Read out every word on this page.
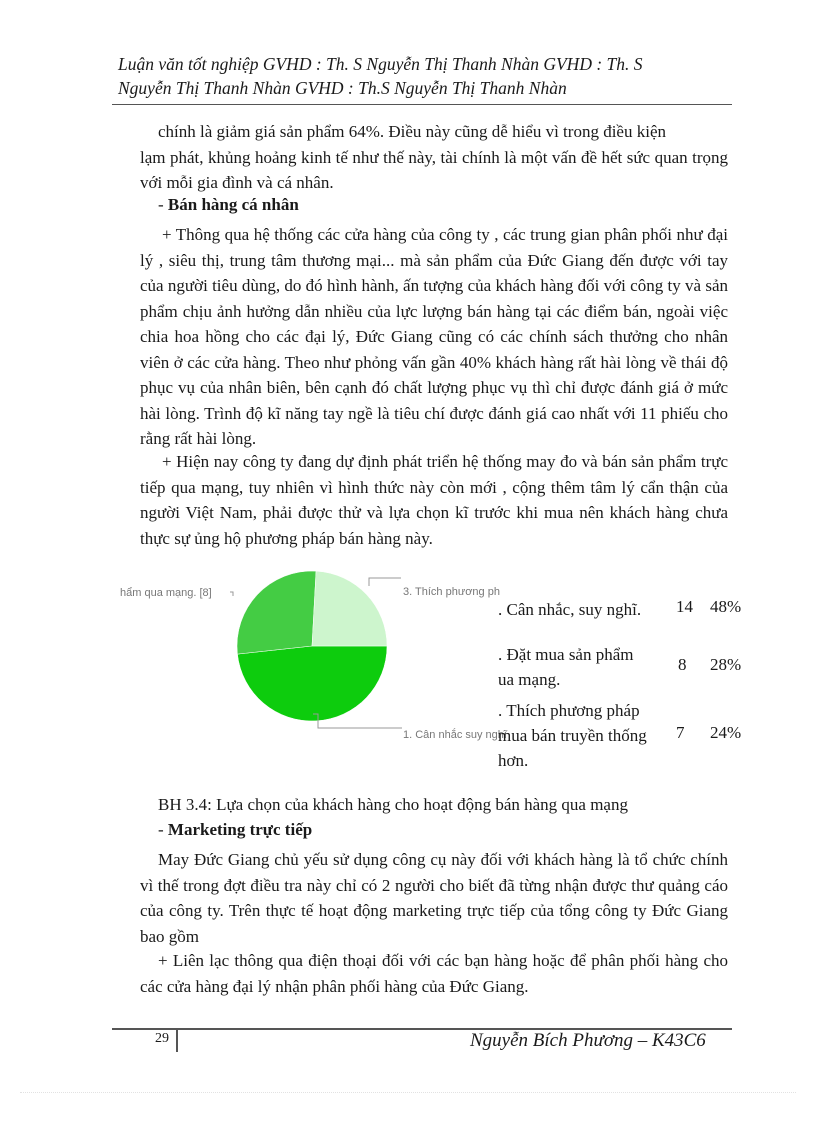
Luận văn tốt nghiệp GVHD : Th. S Nguyễn Thị Thanh Nhàn GVHD : Th. S
Nguyễn Thị Thanh Nhàn GVHD : Th.S Nguyễn Thị Thanh Nhàn
chính là giảm giá sản phẩm 64%. Điều này cũng dễ hiểu vì trong điều kiện
lạm phát, khủng hoảng kinh tế như thế này, tài chính là một vấn đề hết sức quan trọng với mỗi gia đình và cá nhân.
- Bán hàng cá nhân
+ Thông qua hệ thống các cửa hàng của công ty , các trung gian phân phối như đại lý , siêu thị, trung tâm thương mại... mà sản phẩm của Đức Giang đến được với tay của người tiêu dùng, do đó hình hành, ấn tượng của khách hàng đối với công ty và sản phẩm chịu ảnh hưởng dẫn nhiều của lực lượng bán hàng tại các điểm bán, ngoài việc chia hoa hồng cho các đại lý, Đức Giang cũng có các chính sách thưởng cho nhân viên ở các cửa hàng. Theo như phỏng vấn gần 40% khách hàng rất hài lòng về thái độ phục vụ của nhân biên, bên cạnh đó chất lượng phục vụ thì chỉ được đánh giá ở mức hài lòng. Trình độ kĩ năng tay ngề là tiêu chí được đánh giá cao nhất với 11 phiếu cho rằng rất hài lòng.
+ Hiện nay công ty đang dự định phát triển hệ thống may đo và bán sản phẩm trực tiếp qua mạng, tuy nhiên vì hình thức này còn mới , cộng thêm tâm lý cẩn thận của người Việt Nam, phải được thử và lựa chọn kĩ trước khi mua nên khách hàng chưa thực sự ủng hộ phương pháp bán hàng này.
hẩm qua mạng. [8]	3. Thích phương ph
1. Cân nhắc suy nghĩ
. Cân nhắc, suy nghĩ. 14 48%
. Đặt mua sản phẩm
ua mạng.
8 28%
. Thích phương pháp
mua bán truyền thống
hơn.
7 24%
BH 3.4: Lựa chọn của khách hàng cho hoạt động bán hàng qua mạng
- Marketing trực tiếp
May Đức Giang chủ yếu sử dụng công cụ này đối với khách hàng là tổ chức chính vì thế trong đợt điều tra này chỉ có 2 người cho biết đã từng nhận được thư quảng cáo của công ty. Trên thực tế hoạt động marketing trực tiếp của tổng công ty Đức Giang bao gồm
+ Liên lạc thông qua điện thoại đối với các bạn hàng hoặc để phân phối hàng cho các cửa hàng đại lý nhận phân phối hàng của Đức Giang.
29	Nguyễn Bích Phương – K43C6
